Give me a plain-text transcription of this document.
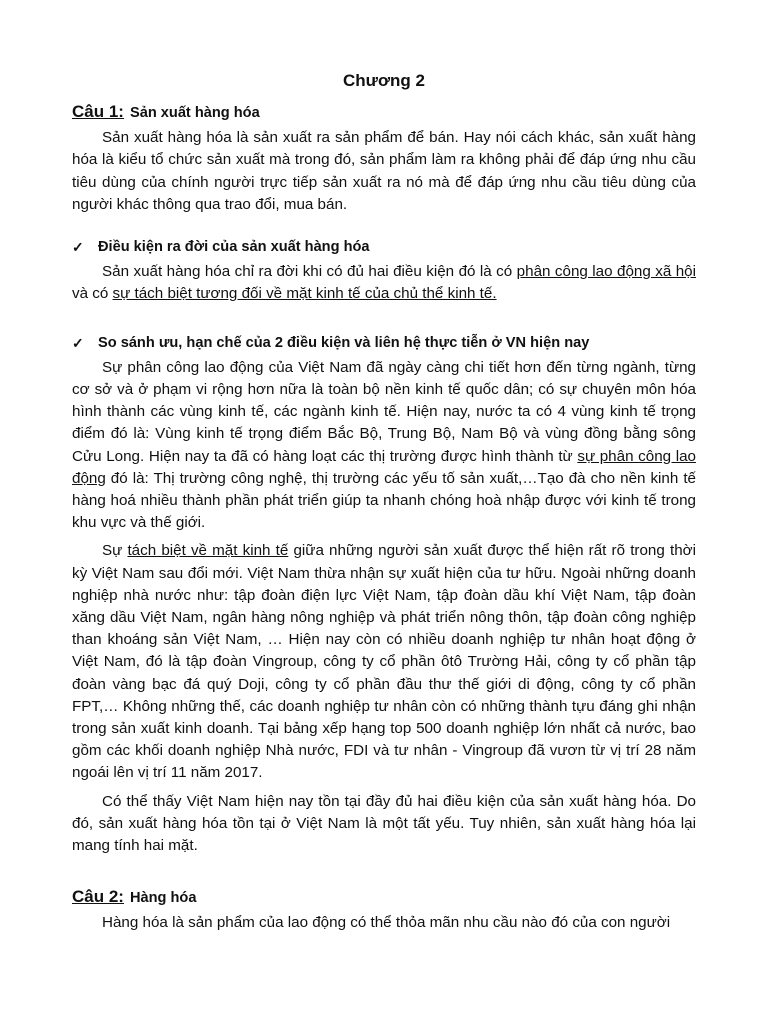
Chương 2
Câu 1: Sản xuất hàng hóa

Sản xuất hàng hóa là sản xuất ra sản phẩm để bán. Hay nói cách khác, sản xuất hàng hóa là kiểu tổ chức sản xuất mà trong đó, sản phẩm làm ra không phải để đáp ứng nhu cầu tiêu dùng của chính người trực tiếp sản xuất ra nó mà để đáp ứng nhu cầu tiêu dùng của người khác thông qua trao đổi, mua bán.

✓ Điều kiện ra đời của sản xuất hàng hóa

Sản xuất hàng hóa chỉ ra đời khi có đủ hai điều kiện đó là có phân công lao động xã hội và có sự tách biệt tương đối về mặt kinh tế của chủ thể kinh tế.

✓ So sánh ưu, hạn chế của 2 điều kiện và liên hệ thực tiễn ở VN hiện nay

Sự phân công lao động của Việt Nam đã ngày càng chi tiết hơn đến từng ngành, từng cơ sở và ở phạm vi rộng hơn nữa là toàn bộ nền kinh tế quốc dân; có sự chuyên môn hóa hình thành các vùng kinh tế, các ngành kinh tế. Hiện nay, nước ta có 4 vùng kinh tế trọng điểm đó là: Vùng kinh tế trọng điểm Bắc Bộ, Trung Bộ, Nam Bộ và vùng đồng bằng sông Cửu Long. Hiện nay ta đã có hàng loạt các thị trường được hình thành từ sự phân công lao động đó là: Thị trường công nghệ, thị trường các yếu tố sản xuất,…Tạo đà cho nền kinh tế hàng hoá nhiều thành phần phát triển giúp ta nhanh chóng hoà nhập được với kinh tế trong khu vực và thế giới.

Sự tách biệt về mặt kinh tế giữa những người sản xuất được thể hiện rất rõ trong thời kỳ Việt Nam sau đổi mới. Việt Nam thừa nhận sự xuất hiện của tư hữu. Ngoài những doanh nghiệp nhà nước như: tập đoàn điện lực Việt Nam, tập đoàn dầu khí Việt Nam, tập đoàn xăng dầu Việt Nam, ngân hàng nông nghiệp và phát triển nông thôn, tập đoàn công nghiệp than khoáng sản Việt Nam, … Hiện nay còn có nhiều doanh nghiệp tư nhân hoạt động ở Việt Nam, đó là tập đoàn Vingroup, công ty cổ phần ôtô Trường Hải, công ty cổ phần tập đoàn vàng bạc đá quý Doji, công ty cổ phần đầu thư thế giới di động, công ty cổ phần FPT,… Không những thế, các doanh nghiệp tư nhân còn có những thành tựu đáng ghi nhận trong sản xuất kinh doanh. Tại bảng xếp hạng top 500 doanh nghiệp lớn nhất cả nước, bao gồm các khối doanh nghiệp Nhà nước, FDI và tư nhân - Vingroup đã vươn từ vị trí 28 năm ngoái lên vị trí 11 năm 2017.

Có thể thấy Việt Nam hiện nay tồn tại đầy đủ hai điều kiện của sản xuất hàng hóa. Do đó, sản xuất hàng hóa tồn tại ở Việt Nam là một tất yếu. Tuy nhiên, sản xuất hàng hóa lại mang tính hai mặt.

Câu 2: Hàng hóa

Hàng hóa là sản phẩm của lao động có thể thỏa mãn nhu cầu nào đó của con người
